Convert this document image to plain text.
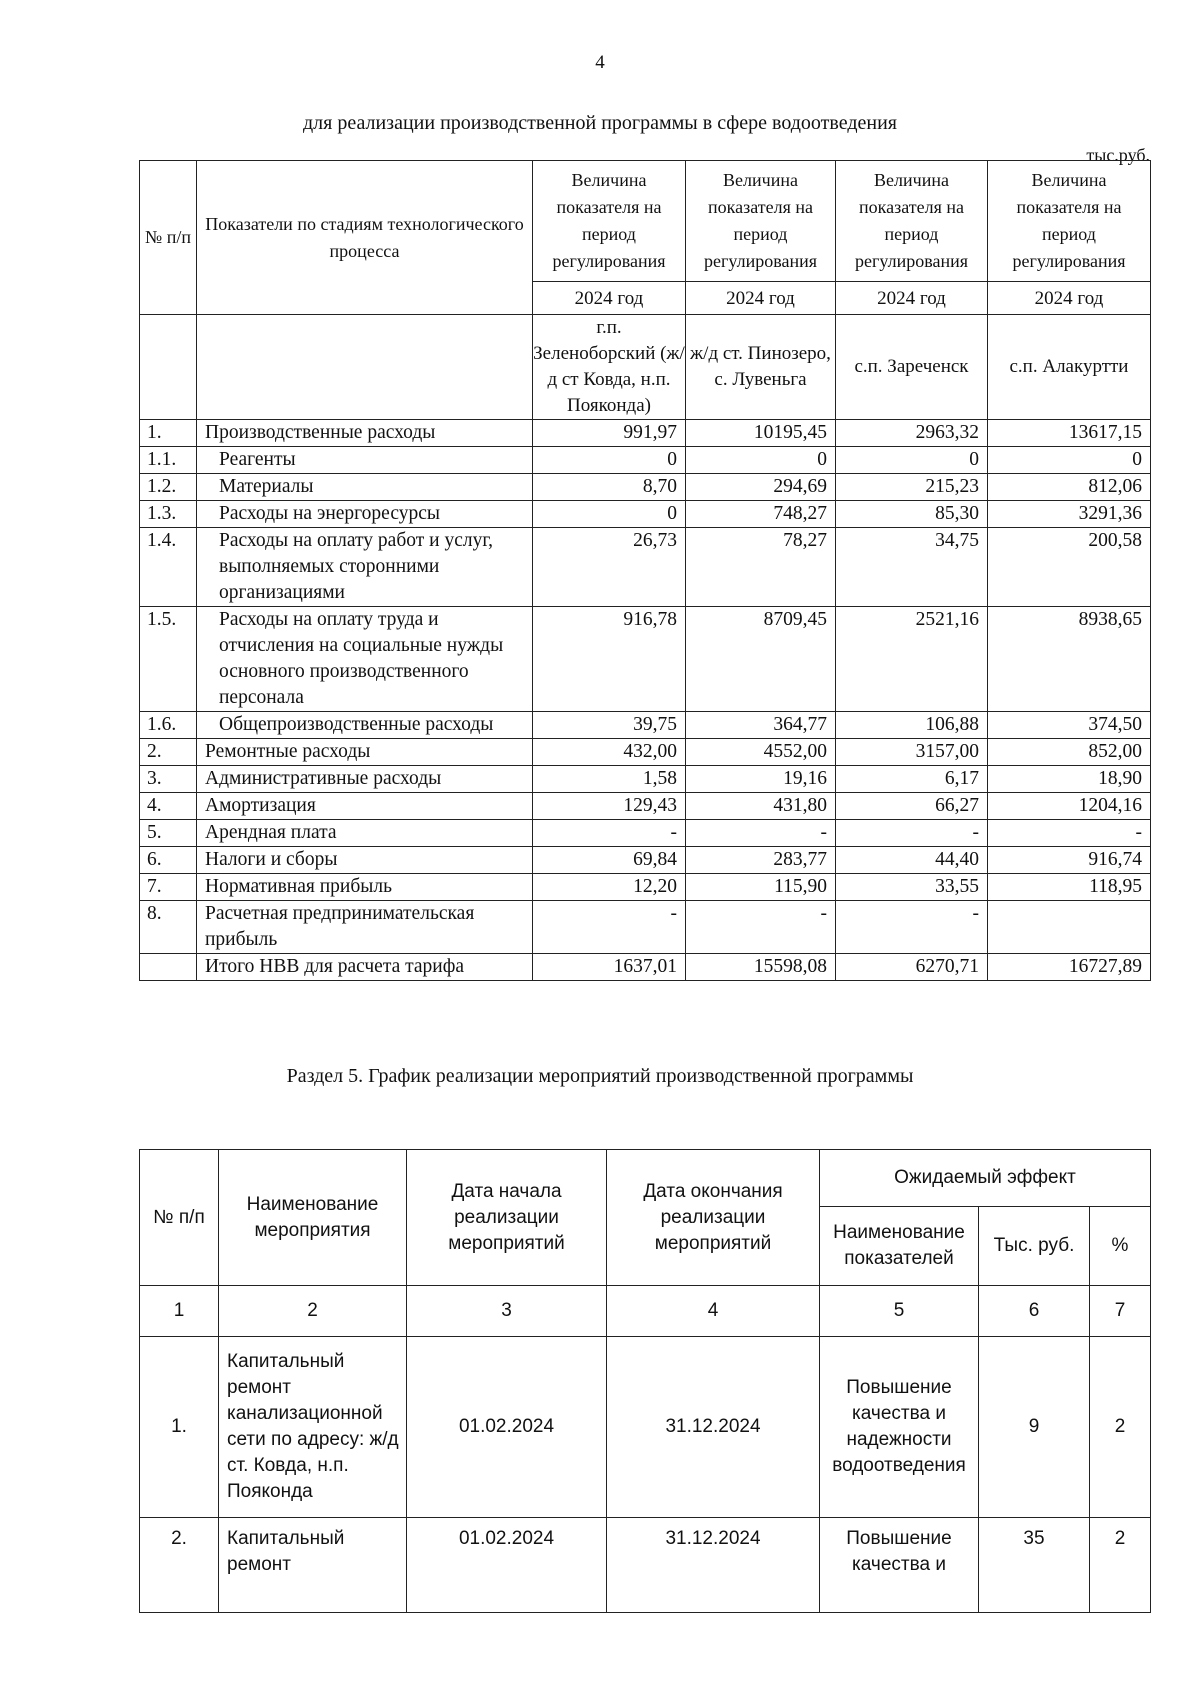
4
для реализации производственной программы в сфере водоотведения
тыс.руб.
№ п/п	Показатели по стадиям технологического процесса	Величина показателя на период регулирования	Величина показателя на период регулирования	Величина показателя на период регулирования	Величина показателя на период регулирования
		2024 год	2024 год	2024 год	2024 год
		г.п. Зеленоборский (ж/д ст Ковда, н.п. Пояконда)	ж/д ст. Пинозеро, с. Лувеньга	с.п. Зареченск	с.п. Алакуртти
1.	Производственные расходы	991,97	10195,45	2963,32	13617,15
1.1.	Реагенты	0	0	0	0
1.2.	Материалы	8,70	294,69	215,23	812,06
1.3.	Расходы на энергоресурсы	0	748,27	85,30	3291,36
1.4.	Расходы на оплату работ и услуг, выполняемых сторонними организациями	26,73	78,27	34,75	200,58
1.5.	Расходы на оплату труда и отчисления на социальные нужды основного производственного персонала	916,78	8709,45	2521,16	8938,65
1.6.	Общепроизводственные расходы	39,75	364,77	106,88	374,50
2.	Ремонтные расходы	432,00	4552,00	3157,00	852,00
3.	Административные расходы	1,58	19,16	6,17	18,90
4.	Амортизация	129,43	431,80	66,27	1204,16
5.	Арендная плата	-	-	-	-
6.	Налоги и сборы	69,84	283,77	44,40	916,74
7.	Нормативная прибыль	12,20	115,90	33,55	118,95
8.	Расчетная предпринимательская прибыль	-	-	-	
	Итого НВВ для расчета тарифа	1637,01	15598,08	6270,71	16727,89
Раздел 5. График реализации мероприятий производственной программы
№ п/п	Наименование мероприятия	Дата начала реализации мероприятий	Дата окончания реализации мероприятий	Ожидаемый эффект		
				Наименование показателей	Тыс. руб.	%
1	2	3	4	5	6	7
1.	Капитальный ремонт канализационной сети по адресу: ж/д ст. Ковда, н.п. Пояконда	01.02.2024	31.12.2024	Повышение качества и надежности водоотведения	9	2
2.	Капитальный ремонт	01.02.2024	31.12.2024	Повышение качества и	35	2
